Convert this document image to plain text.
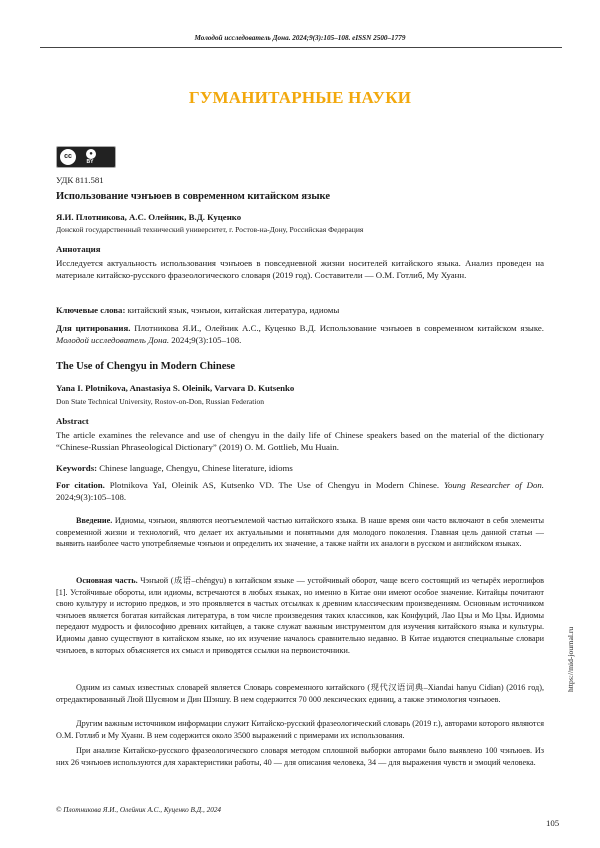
Молодой исследователь Дона. 2024;9(3):105–108. eISSN 2500–1779
ГУМАНИТАРНЫЕ НАУКИ
cc	●
BY
УДК 811.581
Использование чэнъюев в современном китайском языке
Я.И. Плотникова, А.С. Олейник, В.Д. Куценко
Донской государственный технический университет, г. Ростов-на-Дону, Российская Федерация
Аннотация
Исследуется актуальность использования чэнъюев в повседневной жизни носителей китайского языка. Анализ проведен на материале китайско-русского фразеологического словаря (2019 год). Составители — О.М. Готлиб, Му Хуанн.
Ключевые слова: китайский язык, чэнъюи, китайская литература, идиомы
Для цитирования. Плотникова Я.И., Олейник А.С., Куценко В.Д. Использование чэнъюев в современном китайском языке. Молодой исследователь Дона. 2024;9(3):105–108.
The Use of Chengyu in Modern Chinese
Yana I. Plotnikova, Anastasiya S. Oleinik, Varvara D. Kutsenko
Don State Technical University, Rostov-on-Don, Russian Federation
Abstract
The article examines the relevance and use of chengyu in the daily life of Chinese speakers based on the material of the dictionary “Chinese-Russian Phraseological Dictionary” (2019) O. M. Gottlieb, Mu Huain.
Keywords: Chinese language, Chengyu, Chinese literature, idioms
For citation. Plotnikova YaI, Oleinik AS, Kutsenko VD. The Use of Chengyu in Modern Chinese. Young Researcher of Don. 2024;9(3):105–108.
Введение. Идиомы, чэнъюи, являются неотъемлемой частью китайского языка. В наше время они часто включают в себя элементы современной жизни и технологий, что делает их актуальными и понятными для молодого поколения. Главная цель данной статьи — выявить наиболее часто употребляемые чэнъюи и определить их значение, а также найти их аналоги в русском и английском языках.
Основная часть. Чэнъюй (成语–chéngyu) в китайском языке — устойчивый оборот, чаще всего состоящий из четырёх иероглифов [1]. Устойчивые обороты, или идиомы, встречаются в любых языках, но именно в Китае они имеют особое значение. Китайцы почитают свою культуру и историю предков, и это проявляется в частых отсылках к древним классическим произведениям. Основным источником чэнъюев является богатая китайская литература, в том числе произведения таких классиков, как Конфуций, Лао Цзы и Мо Цзы. Идиомы передают мудрость и философию древних китайцев, а также служат важным инструментом для изучения китайского языка и культуры. Идиомы давно существуют в китайском языке, но их изучение началось сравнительно недавно. В Китае издаются специальные словари чэнъюев, в которых объясняется их смысл и приводятся ссылки на первоисточники.
Одним из самых известных словарей является Словарь современного китайского (现代汉语词典–Xiandai hanyu Cidian) (2016 год), отредактированный Люй Шусяном и Дин Шэншу. В нем содержится 70 000 лексических единиц, а также этимология чэнъюев.
Другим важным источником информации служит Китайско-русский фразеологический словарь (2019 г.), авторами которого являются О.М. Готлиб и Му Хуанн. В нем содержится около 3500 выражений с примерами их использования.
При анализе Китайско-русского фразеологического словаря методом сплошной выборки авторами было выявлено 100 чэнъюев. Из них 26 чэнъюев используются для характеристики работы, 40 — для описания человека, 34 — для выражения чувств и эмоций человека.
© Плотникова Я.И., Олейник А.С., Куценко В.Д., 2024
105
https://mid-journal.ru
